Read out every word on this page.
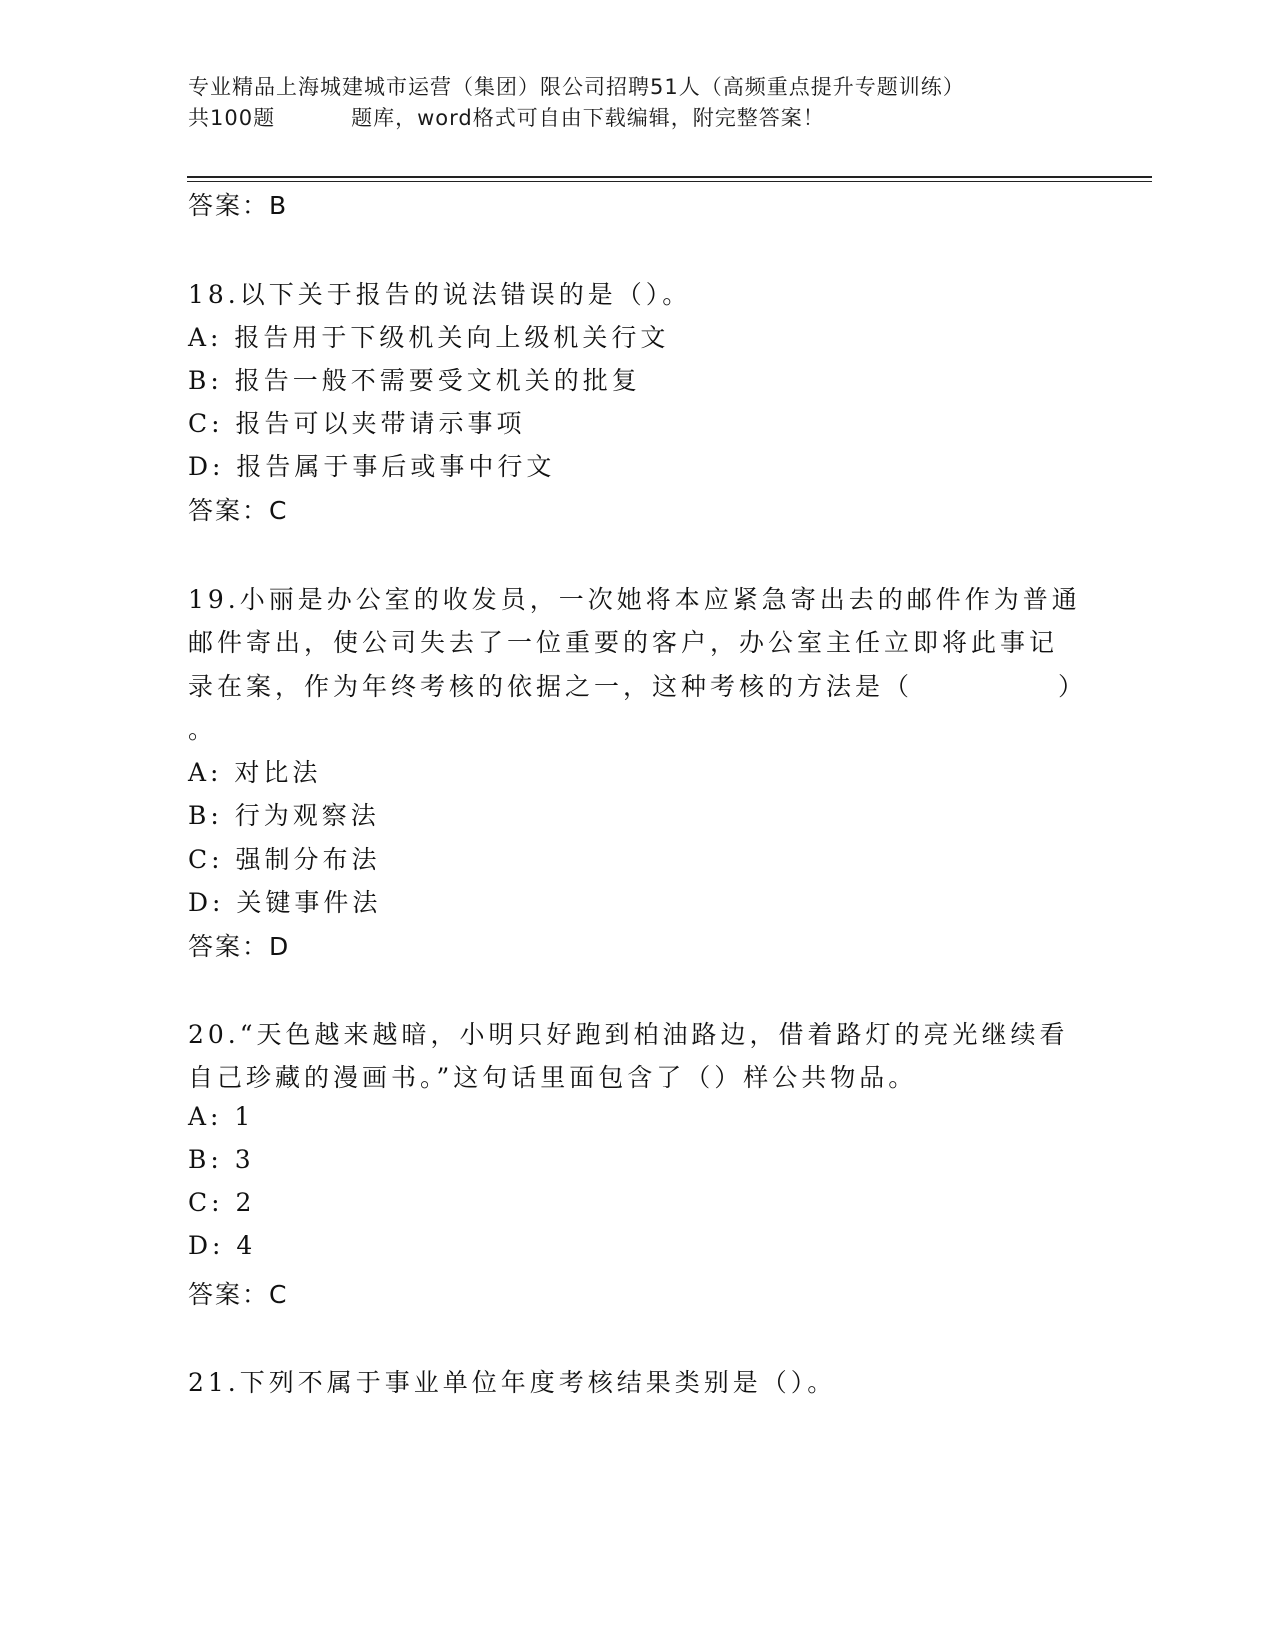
专业精品上海城建城市运营（集团）限公司招聘51人（高频重点提升专题训练）
共100题	题库，word格式可自由下载编辑，附完整答案！
答案：B
18.以下关于报告的说法错误的是（）。
A: 报告用于下级机关向上级机关行文
B: 报告一般不需要受文机关的批复
C: 报告可以夹带请示事项
D: 报告属于事后或事中行文
答案：C
19.小丽是办公室的收发员，一次她将本应紧急寄出去的邮件作为普通
邮件寄出，使公司失去了一位重要的客户，办公室主任立即将此事记
录在案，作为年终考核的依据之一，这种考核的方法是（　　　　　）
。
A: 对比法
B: 行为观察法
C: 强制分布法
D: 关键事件法
答案：D
20.“天色越来越暗，小明只好跑到柏油路边，借着路灯的亮光继续看
自己珍藏的漫画书。”这句话里面包含了（）样公共物品。
A: 1
B: 3
C: 2
D: 4
答案：C
21.下列不属于事业单位年度考核结果类别是（）。
